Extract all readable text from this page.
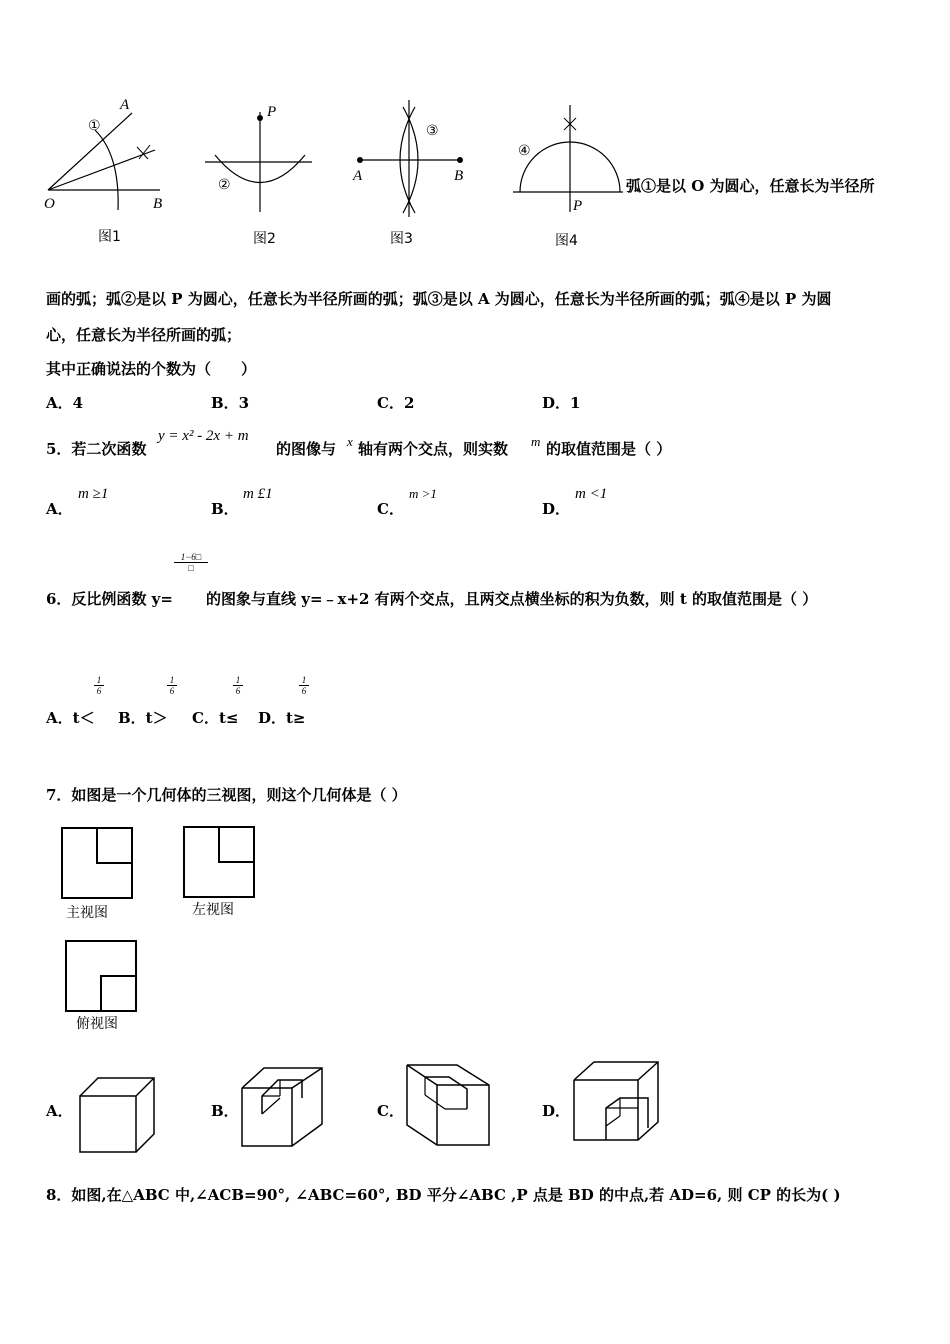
A
O	B
①
图1
P
②
图2
A	B
③
图3
P
④
图4
弧①是以 O 为圆心，任意长为半径所
画的弧；弧②是以 P 为圆心，任意长为半径所画的弧；弧③是以 A 为圆心，任意长为半径所画的弧；弧④是以 P 为圆
心，任意长为半径所画的弧；
其中正确说法的个数为（　　）
A．4	B．3	C．2	D．1
5．若二次函数
y = x² - 2x + m
的图像与 x 轴有两个交点，则实数 m 的取值范围是（ ）
A．
m ≥1
B．
m £1
C．
m >1
D．
m <1
1−6□
□
6．反比例函数 y= 的图象与直线 y=﹣x+2 有两个交点，且两交点横坐标的积为负数，则 t 的取值范围是（ ）
$\frac{1}{6}$	$\frac{1}{6}$	$\frac{1}{6}$	$\frac{1}{6}$
A．t＜ B．t＞ C．t≤ D．t≥
7．如图是一个几何体的三视图，则这个几何体是（ ）
主视图	左视图
俯视图
A．	B．	C．	D．
8．如图,在△ABC 中,∠ACB=90°, ∠ABC=60°, BD 平分∠ABC ,P 点是 BD 的中点,若 AD=6, 则 CP 的长为( )
